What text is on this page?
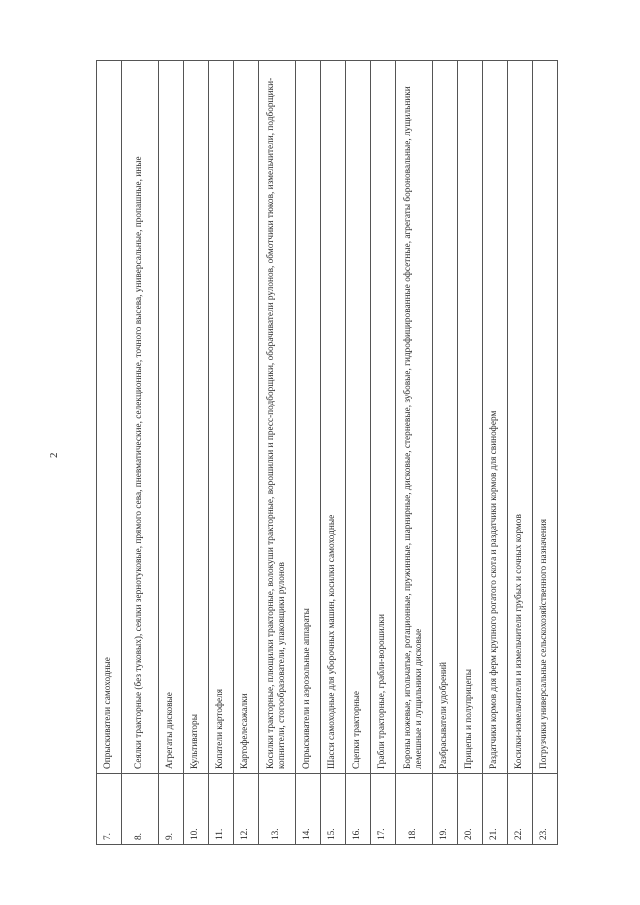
2
7.	Опрыскиватели самоходные
8.	Сеялки тракторные (без туковых), сеялки зернотуковые, прямого сева, пневматические, селекционные, точного высева, универсальные, пропашные, иные
9.	Агрегаты дисковые
10.	Культиваторы
11.	Копатели картофеля
12.	Картофелесажалки
13.	Косилки тракторные, плющилки тракторные, волокуши тракторные, ворошилки и пресс-подборщики, оборачиватели рулонов, обмотчики тюков, измельчители, подборщики-копнители, стогообразователи, упаковщики рулонов
14.	Опрыскиватели и аэрозольные аппараты
15.	Шасси самоходные для уборочных машин, косилки самоходные
16.	Сцепки тракторные
17.	Грабли тракторные, грабли-ворошилки
18.	Бороны ножевые, игольчатые, ротационные, пружинные, шарнирные, дисковые, стерневые, зубовые, гидрофицированные офсетные, агрегаты бороновальные, лущильники лемешные и лущильники дисковые
19.	Разбрасыватели удобрений
20.	Прицепы и полуприцепы
21.	Раздатчики кормов для ферм крупного рогатого скота и раздатчики кормов для свиноферм
22.	Косилки-измельчители и измельчители грубых и сочных кормов
23.	Погрузчики универсальные сельскохозяйственного назначения
